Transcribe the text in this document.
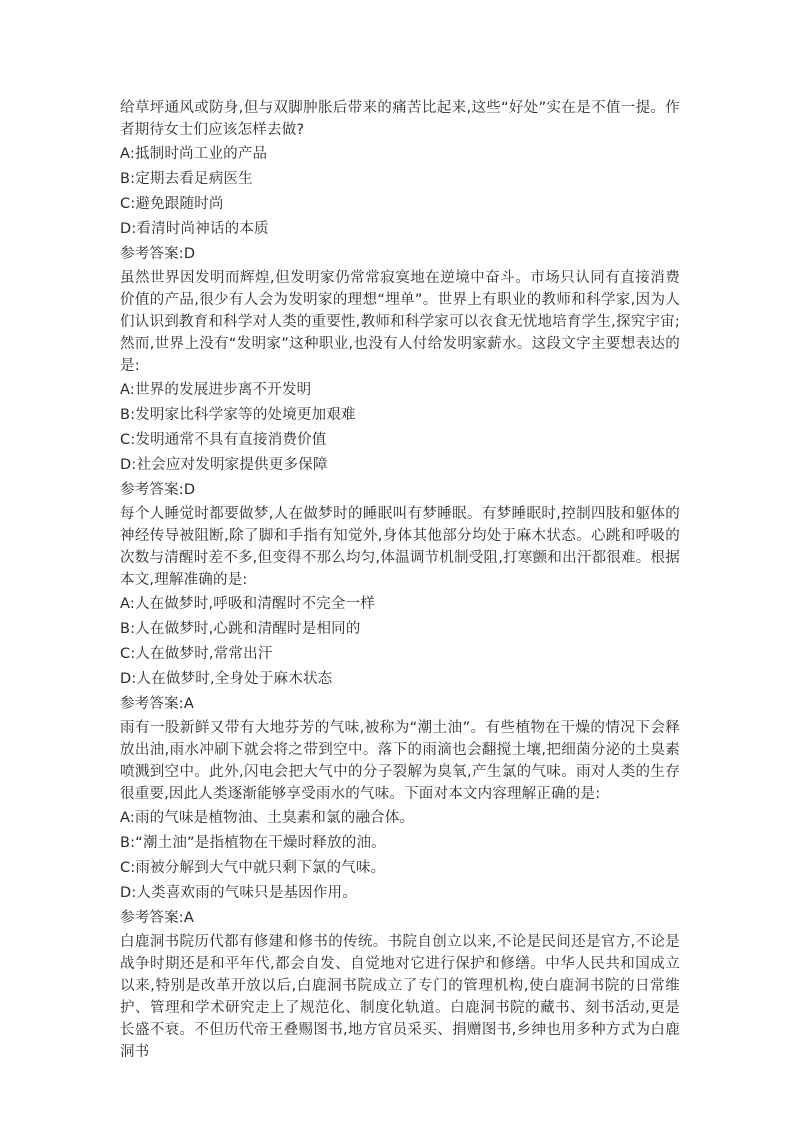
给草坪通风或防身,但与双脚肿胀后带来的痛苦比起来,这些“好处”实在是不值一提。作者期待女士们应该怎样去做?

A:抵制时尚工业的产品

B:定期去看足病医生

C:避免跟随时尚

D:看清时尚神话的本质

参考答案:D

虽然世界因发明而辉煌,但发明家仍常常寂寞地在逆境中奋斗。市场只认同有直接消费价值的产品,很少有人会为发明家的理想“埋单”。世界上有职业的教师和科学家,因为人们认识到教育和科学对人类的重要性,教师和科学家可以衣食无忧地培育学生,探究宇宙;然而,世界上没有“发明家”这种职业,也没有人付给发明家薪水。这段文字主要想表达的是:

A:世界的发展进步离不开发明

B:发明家比科学家等的处境更加艰难

C:发明通常不具有直接消费价值

D:社会应对发明家提供更多保障

参考答案:D

每个人睡觉时都要做梦,人在做梦时的睡眠叫有梦睡眠。有梦睡眠时,控制四肢和躯体的神经传导被阻断,除了脚和手指有知觉外,身体其他部分均处于麻木状态。心跳和呼吸的次数与清醒时差不多,但变得不那么均匀,体温调节机制受阻,打寒颤和出汗都很难。根据本文,理解准确的是:

A:人在做梦时,呼吸和清醒时不完全一样

B:人在做梦时,心跳和清醒时是相同的

C:人在做梦时,常常出汗

D:人在做梦时,全身处于麻木状态

参考答案:A

雨有一股新鲜又带有大地芬芳的气味,被称为“潮土油”。有些植物在干燥的情况下会释放出油,雨水冲刷下就会将之带到空中。落下的雨滴也会翻搅土壤,把细菌分泌的土臭素喷溅到空中。此外,闪电会把大气中的分子裂解为臭氧,产生氯的气味。雨对人类的生存很重要,因此人类逐渐能够享受雨水的气味。下面对本文内容理解正确的是:

A:雨的气味是植物油、土臭素和氯的融合体。

B:“潮土油”是指植物在干燥时释放的油。

C:雨被分解到大气中就只剩下氯的气味。

D:人类喜欢雨的气味只是基因作用。

参考答案:A

白鹿洞书院历代都有修建和修书的传统。书院自创立以来,不论是民间还是官方,不论是战争时期还是和平年代,都会自发、自觉地对它进行保护和修缮。中华人民共和国成立以来,特别是改革开放以后,白鹿洞书院成立了专门的管理机构,使白鹿洞书院的日常维护、管理和学术研究走上了规范化、制度化轨道。白鹿洞书院的藏书、刻书活动,更是长盛不衰。不但历代帝王叠赐图书,地方官员采买、捐赠图书,乡绅也用多种方式为白鹿洞书
